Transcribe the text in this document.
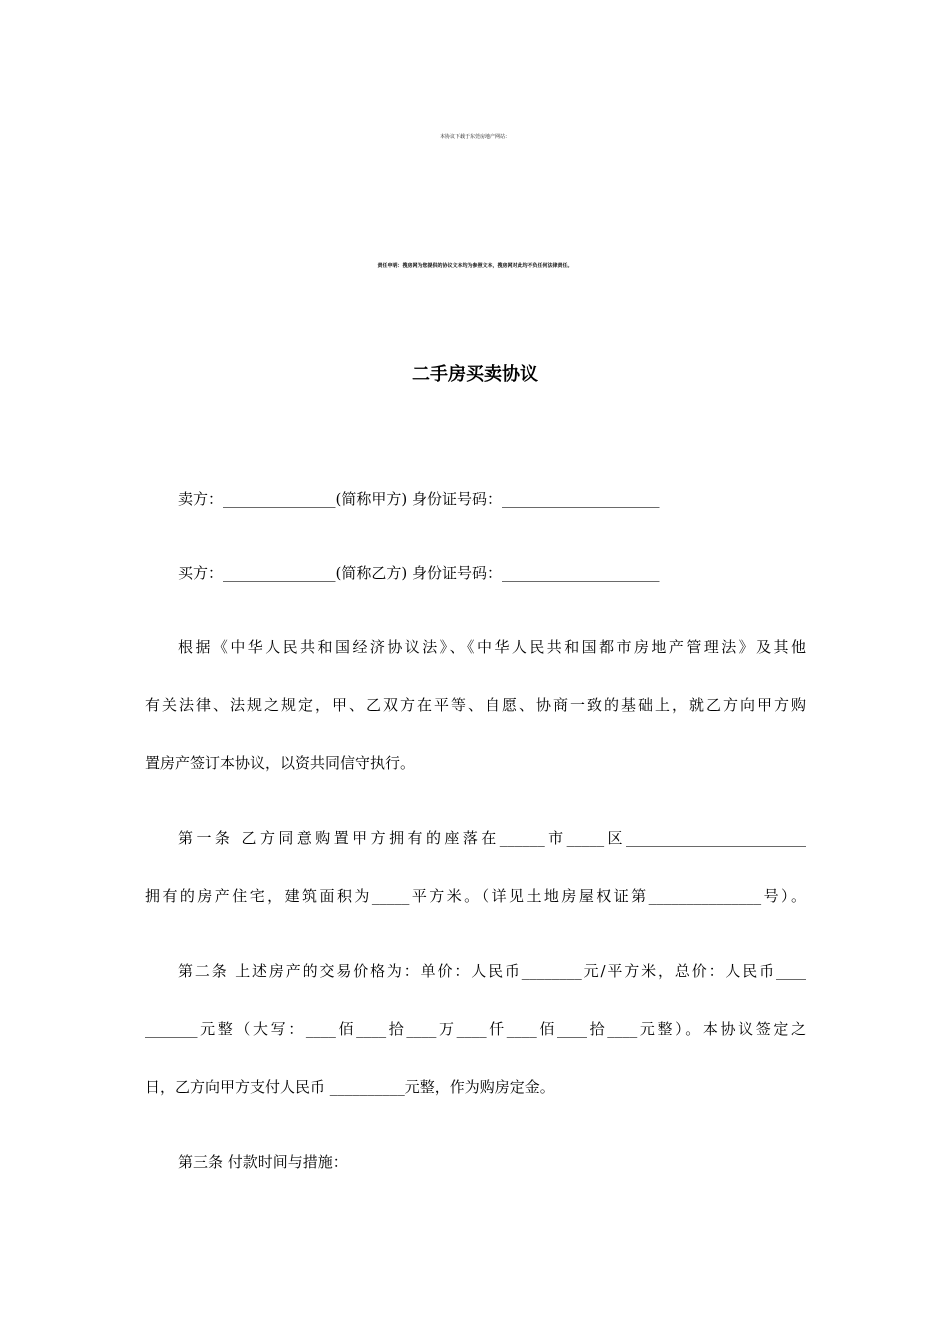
本协议下载于东莞房地产网站：
责任申明：搜房网为您提供的协议文本均为参照文本，搜房网对此均不负任何法律责任。
二手房买卖协议
卖方：_______________(简称甲方) 身份证号码：_____________________
买方：_______________(简称乙方) 身份证号码：_____________________
根据《中华人民共和国经济协议法》、《中华人民共和国都市房地产管理法》及其他
有关法律、法规之规定，甲、乙双方在平等、自愿、协商一致的基础上，就乙方向甲方购
置房产签订本协议，以资共同信守执行。
第一条 乙方同意购置甲方拥有的座落在______市_____区________________________
拥有的房产住宅，建筑面积为_____平方米。（详见土地房屋权证第_______________号）。
第二条 上述房产的交易价格为：单价：人民币________元/平方米，总价：人民币____
_______元整（大写：____佰____拾____万____仟____佰____拾____元整）。本协议签定之
日，乙方向甲方支付人民币 __________元整，作为购房定金。
第三条 付款时间与措施：
